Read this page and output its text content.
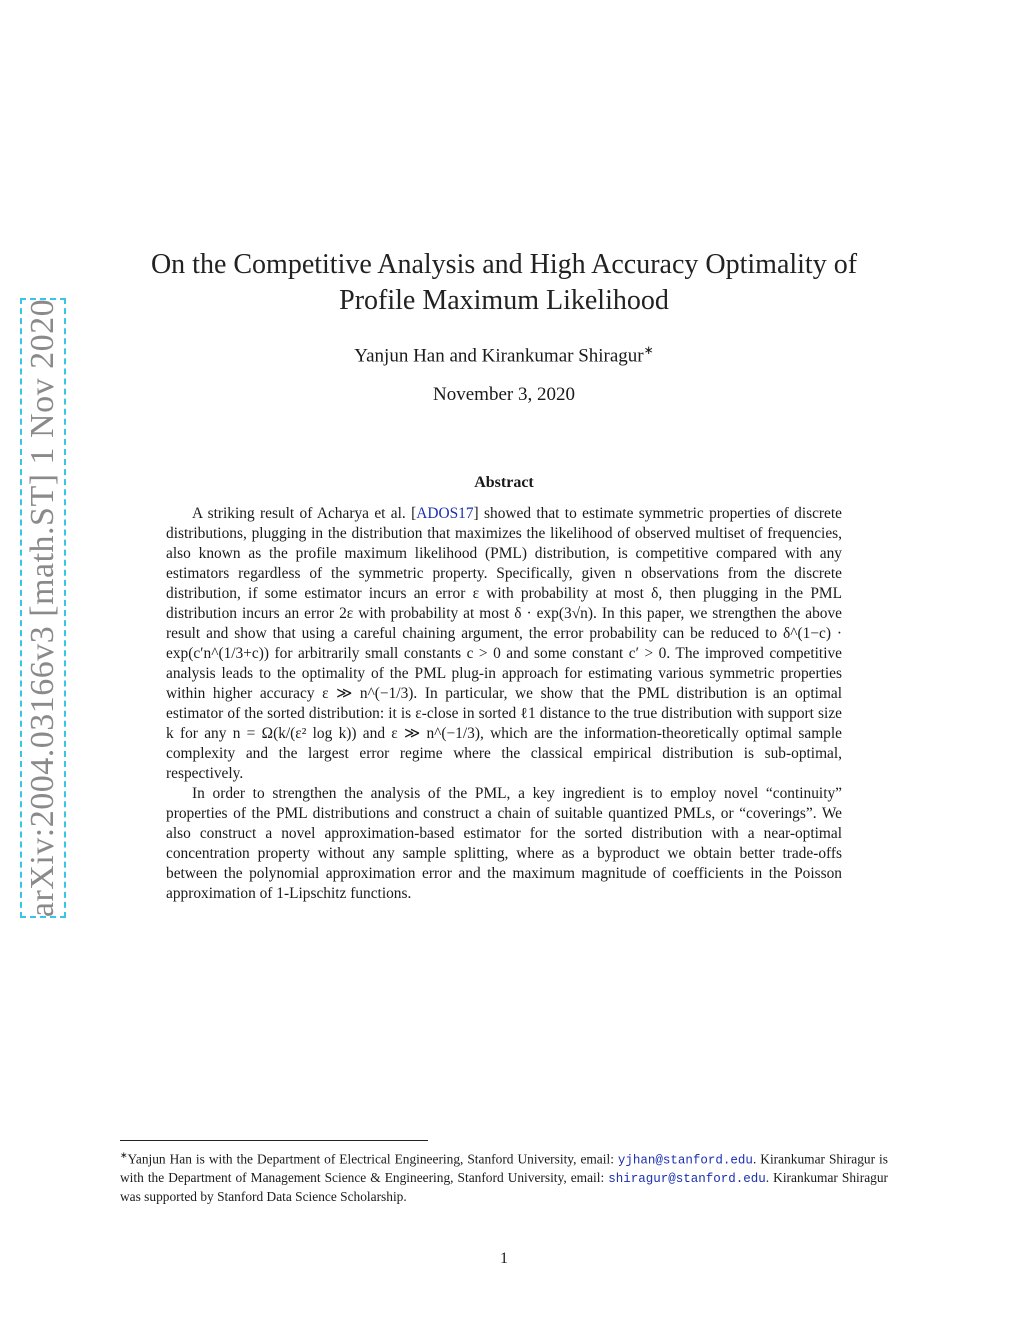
arXiv:2004.03166v3 [math.ST] 1 Nov 2020
On the Competitive Analysis and High Accuracy Optimality of
Profile Maximum Likelihood
Yanjun Han and Kirankumar Shiragur∗
November 3, 2020
Abstract

A striking result of Acharya et al. [ADOS17] showed that to estimate symmetric properties of discrete distributions, plugging in the distribution that maximizes the likelihood of observed multiset of frequencies, also known as the profile maximum likelihood (PML) distribution, is competitive compared with any estimators regardless of the symmetric property. Specifically, given n observations from the discrete distribution, if some estimator incurs an error ε with probability at most δ, then plugging in the PML distribution incurs an error 2ε with probability at most δ · exp(3√n). In this paper, we strengthen the above result and show that using a careful chaining argument, the error probability can be reduced to δ^(1−c) · exp(c′n^(1/3+c)) for arbitrarily small constants c > 0 and some constant c′ > 0. The improved competitive analysis leads to the optimality of the PML plug-in approach for estimating various symmetric properties within higher accuracy ε ≫ n^(−1/3). In particular, we show that the PML distribution is an optimal estimator of the sorted distribution: it is ε-close in sorted ℓ1 distance to the true distribution with support size k for any n = Ω(k/(ε² log k)) and ε ≫ n^(−1/3), which are the information-theoretically optimal sample complexity and the largest error regime where the classical empirical distribution is sub-optimal, respectively.

In order to strengthen the analysis of the PML, a key ingredient is to employ novel “continuity” properties of the PML distributions and construct a chain of suitable quantized PMLs, or “coverings”. We also construct a novel approximation-based estimator for the sorted distribution with a near-optimal concentration property without any sample splitting, where as a byproduct we obtain better trade-offs between the polynomial approximation error and the maximum magnitude of coefficients in the Poisson approximation of 1-Lipschitz functions.

∗Yanjun Han is with the Department of Electrical Engineering, Stanford University, email: yjhan@stanford.edu. Kirankumar Shiragur is with the Department of Management Science & Engineering, Stanford University, email: shiragur@stanford.edu. Kirankumar Shiragur was supported by Stanford Data Science Scholarship.
1
